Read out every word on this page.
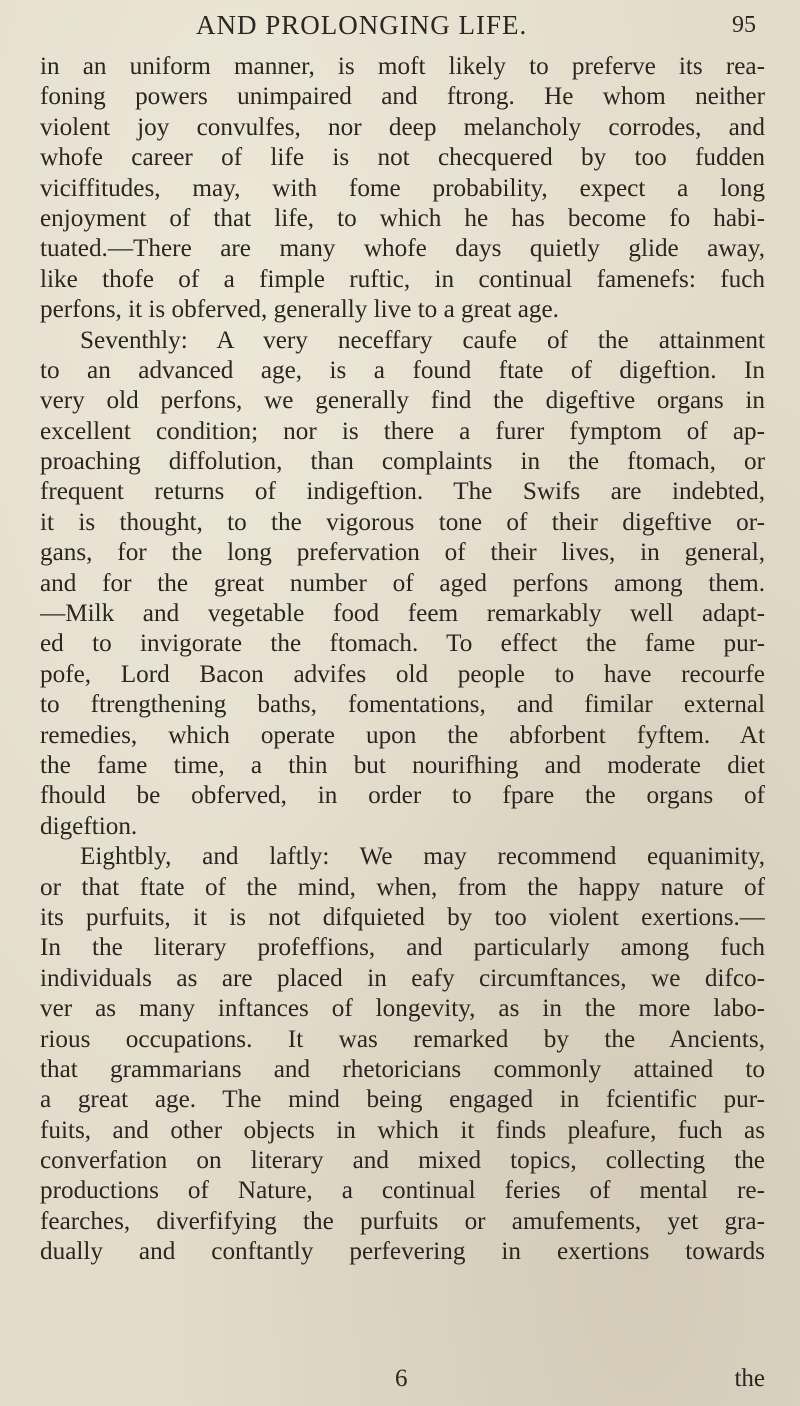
AND PROLONGING LIFE.	95
in an uniform manner, is moft likely to preferve its rea-
foning powers unimpaired and ftrong. He whom neither
violent joy convulfes, nor deep melancholy corrodes, and
whofe career of life is not checquered by too fudden
viciffitudes, may, with fome probability, expect a long
enjoyment of that life, to which he has become fo habi-
tuated.—There are many whofe days quietly glide away,
like thofe of a fimple ruftic, in continual famenefs: fuch
perfons, it is obferved, generally live to a great age.
Seventhly: A very neceffary caufe of the attainment
to an advanced age, is a found ftate of digeftion. In
very old perfons, we generally find the digeftive organs in
excellent condition; nor is there a furer fymptom of ap-
proaching diffolution, than complaints in the ftomach, or
frequent returns of indigeftion. The Swifs are indebted,
it is thought, to the vigorous tone of their digeftive or-
gans, for the long prefervation of their lives, in general,
and for the great number of aged perfons among them.
—Milk and vegetable food feem remarkably well adapt-
ed to invigorate the ftomach. To effect the fame pur-
pofe, Lord Bacon advifes old people to have recourfe
to ftrengthening baths, fomentations, and fimilar external
remedies, which operate upon the abforbent fyftem. At
the fame time, a thin but nourifhing and moderate diet
fhould be obferved, in order to fpare the organs of
digeftion.
Eightbly, and laftly: We may recommend equanimity,
or that ftate of the mind, when, from the happy nature of
its purfuits, it is not difquieted by too violent exertions.—
In the literary profeffions, and particularly among fuch
individuals as are placed in eafy circumftances, we difco-
ver as many inftances of longevity, as in the more labo-
rious occupations. It was remarked by the Ancients,
that grammarians and rhetoricians commonly attained to
a great age. The mind being engaged in fcientific pur-
fuits, and other objects in which it finds pleafure, fuch as
converfation on literary and mixed topics, collecting the
productions of Nature, a continual feries of mental re-
fearches, diverfifying the purfuits or amufements, yet gra-
dually and conftantly perfevering in exertions towards
6	the
